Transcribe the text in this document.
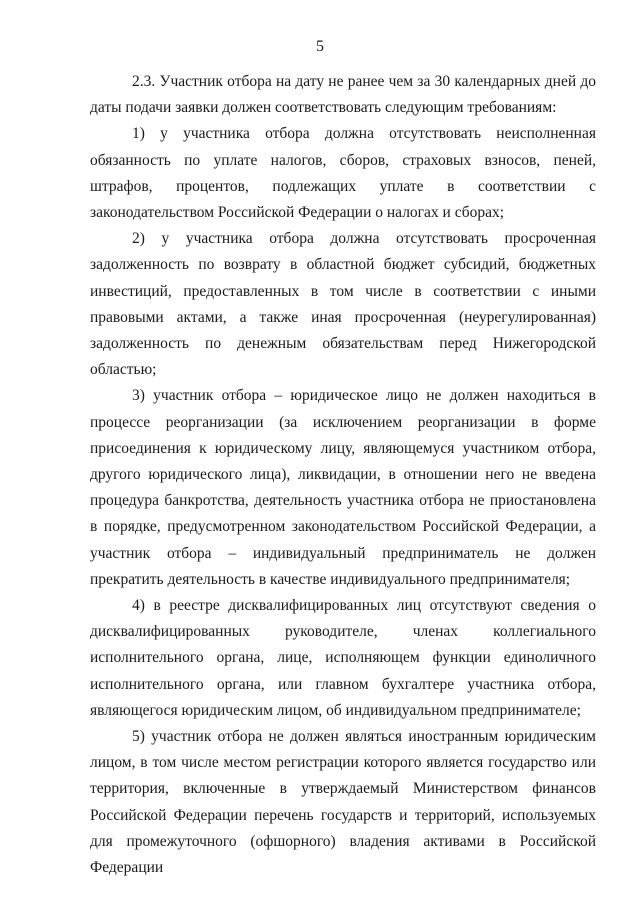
5

2.3. Участник отбора на дату не ранее чем за 30 календарных дней до даты подачи заявки должен соответствовать следующим требованиям:

1) у участника отбора должна отсутствовать неисполненная обязанность по уплате налогов, сборов, страховых взносов, пеней, штрафов, процентов, подлежащих уплате в соответствии с законодательством Российской Федерации о налогах и сборах;

2) у участника отбора должна отсутствовать просроченная задолженность по возврату в областной бюджет субсидий, бюджетных инвестиций, предоставленных в том числе в соответствии с иными правовыми актами, а также иная просроченная (неурегулированная) задолженность по денежным обязательствам перед Нижегородской областью;

3) участник отбора – юридическое лицо не должен находиться в процессе реорганизации (за исключением реорганизации в форме присоединения к юридическому лицу, являющемуся участником отбора, другого юридического лица), ликвидации, в отношении него не введена процедура банкротства, деятельность участника отбора не приостановлена в порядке, предусмотренном законодательством Российской Федерации, а участник отбора – индивидуальный предприниматель не должен прекратить деятельность в качестве индивидуального предпринимателя;

4) в реестре дисквалифицированных лиц отсутствуют сведения о дисквалифицированных руководителе, членах коллегиального исполнительного органа, лице, исполняющем функции единоличного исполнительного органа, или главном бухгалтере участника отбора, являющегося юридическим лицом, об индивидуальном предпринимателе;

5) участник отбора не должен являться иностранным юридическим лицом, в том числе местом регистрации которого является государство или территория, включенные в утверждаемый Министерством финансов Российской Федерации перечень государств и территорий, используемых для промежуточного (офшорного) владения активами в Российской Федерации
